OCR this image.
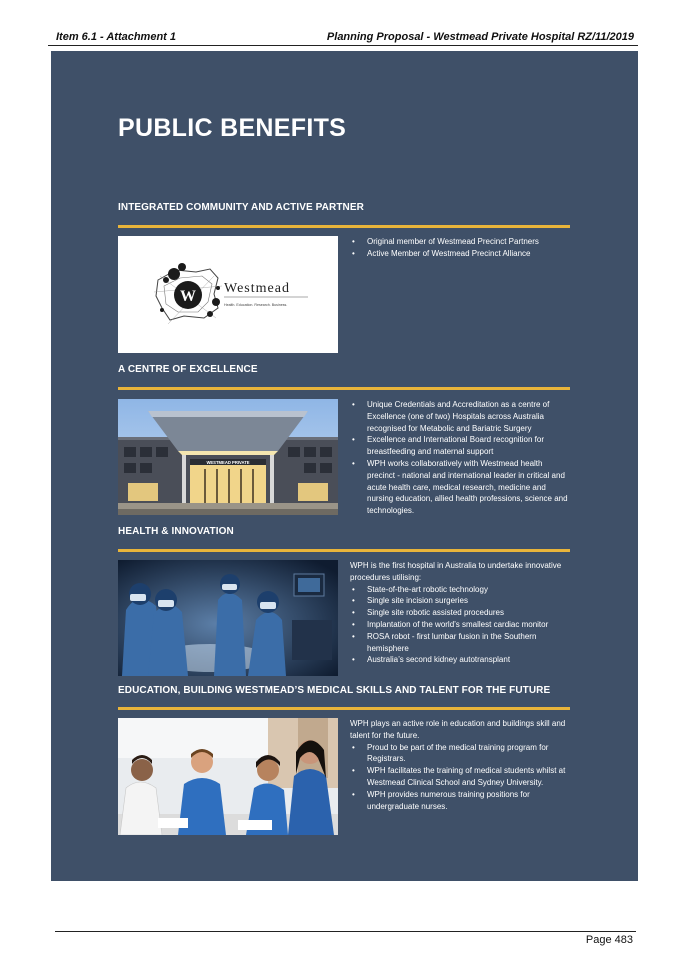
Item 6.1 - Attachment 1	Planning Proposal - Westmead Private Hospital RZ/11/2019
PUBLIC BENEFITS
INTEGRATED COMMUNITY AND ACTIVE PARTNER
W Westmead
Health. Education. Research. Business.
• Original member of Westmead Precinct Partners
• Active Member of Westmead Precinct Alliance
A CENTRE OF EXCELLENCE
WESTMEAD PRIVATE
• Unique Credentials and Accreditation as a centre of Excellence (one of two) Hospitals across Australia recognised for Metabolic and Bariatric Surgery
• Excellence and International Board recognition for breastfeeding and maternal support
• WPH works collaboratively with Westmead health precinct - national and international leader in critical and acute health care, medical research, medicine and nursing education, allied health professions, science and technologies.
HEALTH & INNOVATION
WPH is the first hospital in Australia to undertake innovative procedures utilising:
• State-of-the-art robotic technology
• Single site incision surgeries
• Single site robotic assisted procedures
• Implantation of the world’s smallest cardiac monitor
• ROSA robot - first lumbar fusion in the Southern hemisphere
• Australia’s second kidney autotransplant
EDUCATION, BUILDING WESTMEAD’S MEDICAL SKILLS AND TALENT FOR THE FUTURE
WPH plays an active role in education and buildings skill and talent for the future.
• Proud to be part of the medical training program for Registrars.
• WPH facilitates the training of medical students whilst at Westmead Clinical School and Sydney University.
• WPH provides numerous training positions for undergraduate nurses.
Page 483
